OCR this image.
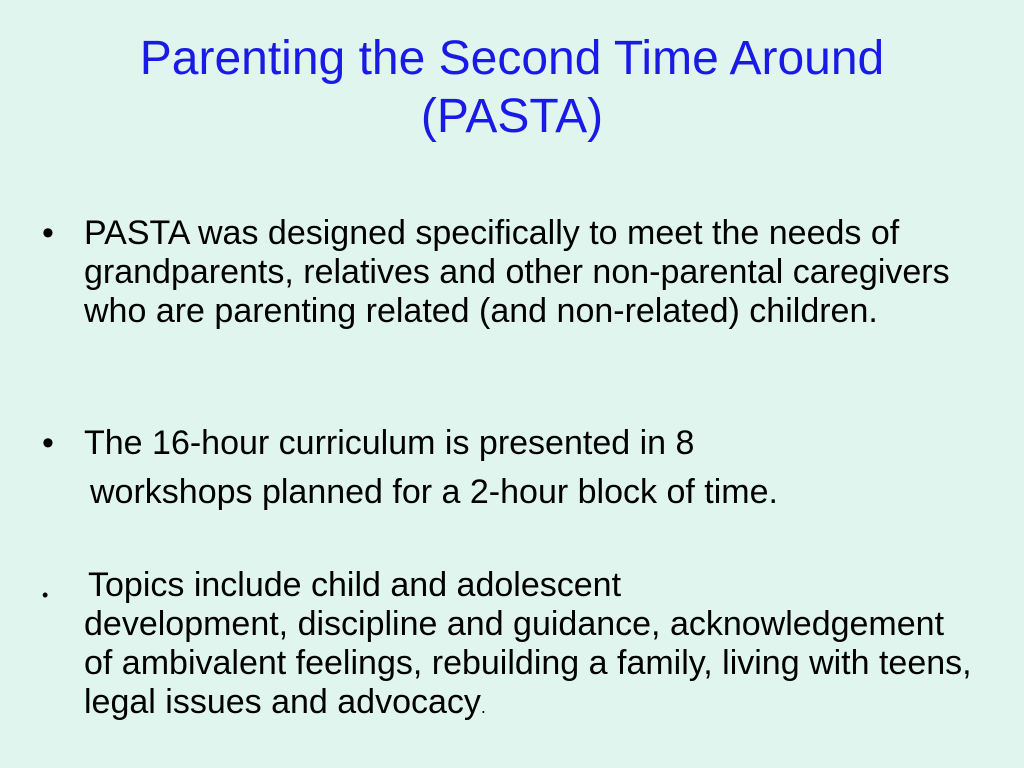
Parenting the Second Time Around
(PASTA)
• PASTA was designed specifically to meet the needs of grandparents, relatives and other non-parental caregivers who are parenting related (and non-related) children.
• The 16-hour curriculum is presented in 8
workshops planned for a 2-hour block of time.
• Topics include child and adolescent
development, discipline and guidance, acknowledgement of ambivalent feelings, rebuilding a family, living with teens, legal issues and advocacy.
